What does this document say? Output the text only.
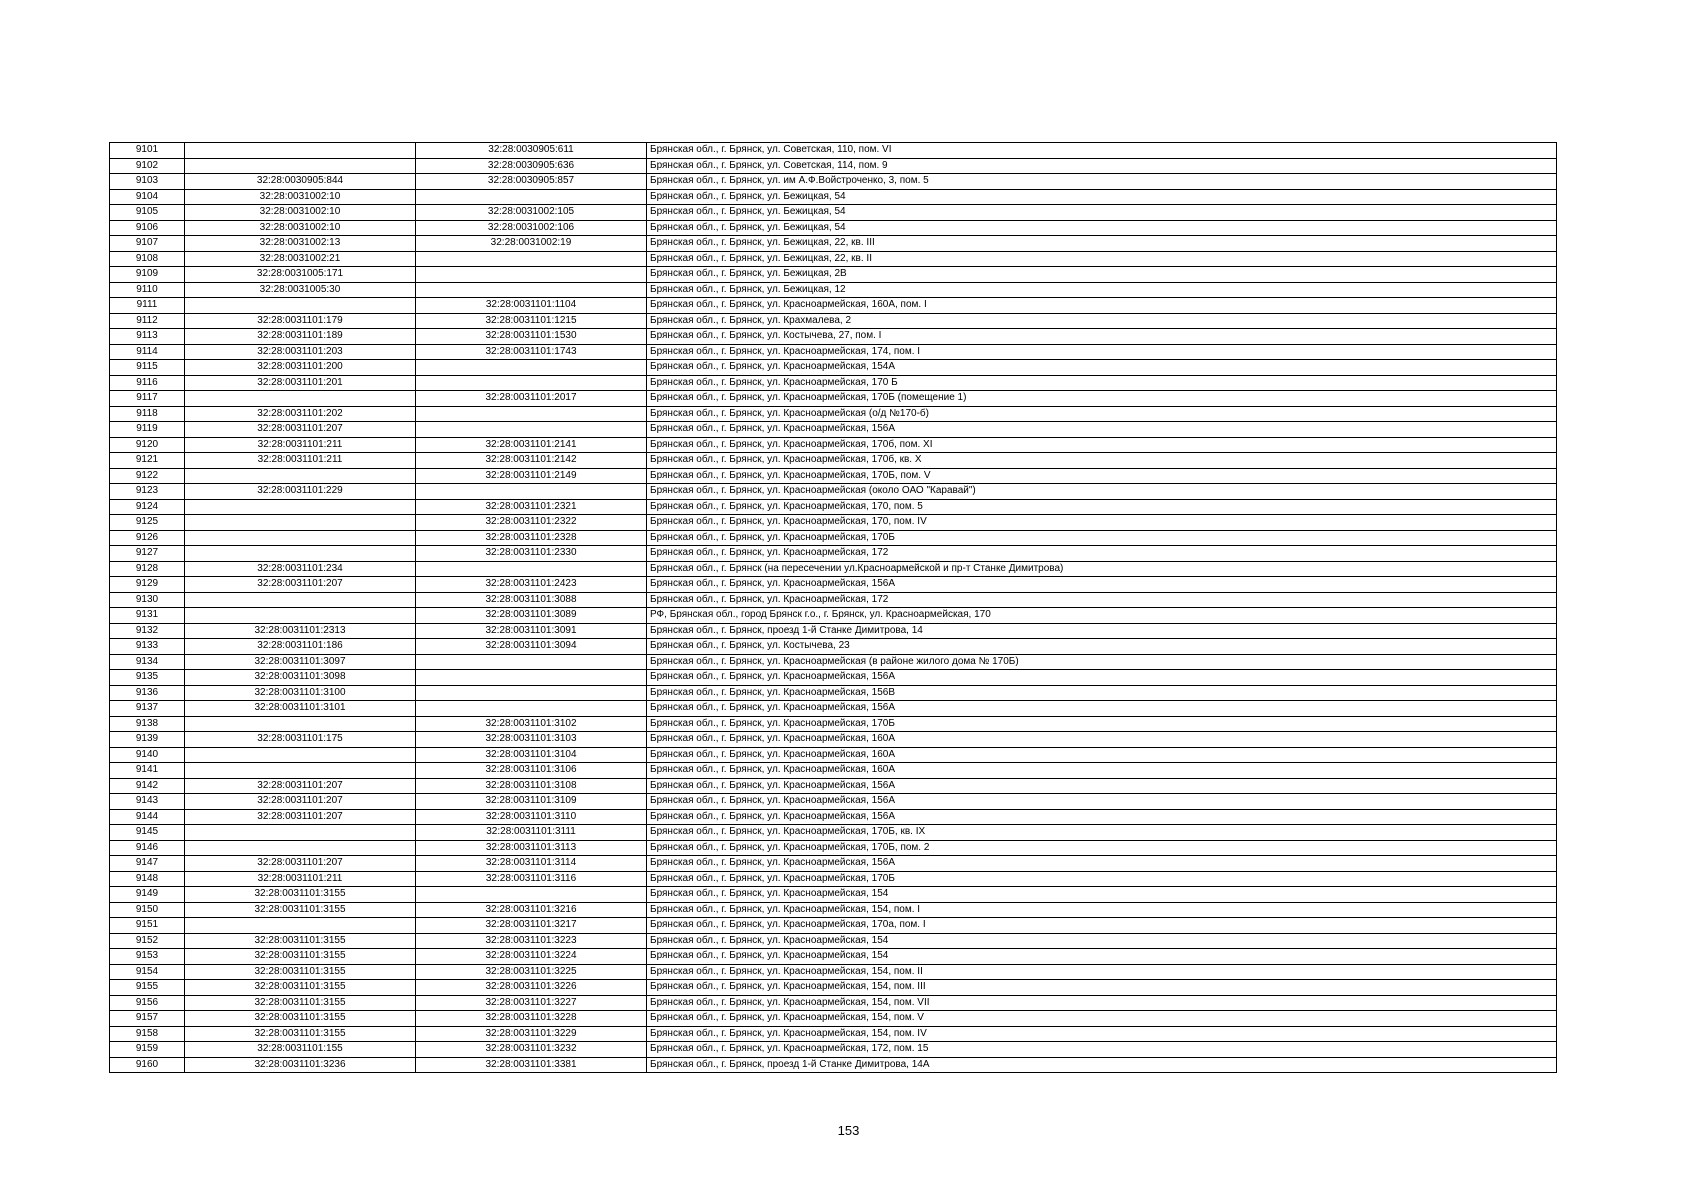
9101		32:28:0030905:611	Брянская обл., г. Брянск, ул. Советская, 110, пом. VI
9102		32:28:0030905:636	Брянская обл., г. Брянск, ул. Советская, 114, пом. 9
9103	32:28:0030905:844	32:28:0030905:857	Брянская обл., г. Брянск, ул. им А.Ф.Войстроченко, 3, пом. 5
9104	32:28:0031002:10		Брянская обл., г. Брянск, ул. Бежицкая, 54
9105	32:28:0031002:10	32:28:0031002:105	Брянская обл., г. Брянск, ул. Бежицкая, 54
9106	32:28:0031002:10	32:28:0031002:106	Брянская обл., г. Брянск, ул. Бежицкая, 54
9107	32:28:0031002:13	32:28:0031002:19	Брянская обл., г. Брянск, ул. Бежицкая, 22, кв. III
9108	32:28:0031002:21		Брянская обл., г. Брянск, ул. Бежицкая, 22, кв. II
9109	32:28:0031005:171		Брянская обл., г. Брянск, ул. Бежицкая, 2В
9110	32:28:0031005:30		Брянская обл., г. Брянск, ул. Бежицкая, 12
9111		32:28:0031101:1104	Брянская обл., г. Брянск, ул. Красноармейская, 160А, пом. I
9112	32:28:0031101:179	32:28:0031101:1215	Брянская обл., г. Брянск, ул. Крахмалева, 2
9113	32:28:0031101:189	32:28:0031101:1530	Брянская обл., г. Брянск, ул. Костычева, 27, пом. I
9114	32:28:0031101:203	32:28:0031101:1743	Брянская обл., г. Брянск, ул. Красноармейская, 174, пом. I
9115	32:28:0031101:200		Брянская обл., г. Брянск, ул. Красноармейская, 154А
9116	32:28:0031101:201		Брянская обл., г. Брянск, ул. Красноармейская, 170 Б
9117		32:28:0031101:2017	Брянская обл., г. Брянск, ул. Красноармейская, 170Б (помещение 1)
9118	32:28:0031101:202		Брянская обл., г. Брянск, ул. Красноармейская (о/д №170-б)
9119	32:28:0031101:207		Брянская обл., г. Брянск, ул. Красноармейская, 156А
9120	32:28:0031101:211	32:28:0031101:2141	Брянская обл., г. Брянск, ул. Красноармейская, 170б, пом. XI
9121	32:28:0031101:211	32:28:0031101:2142	Брянская обл., г. Брянск, ул. Красноармейская, 170б, кв. X
9122		32:28:0031101:2149	Брянская обл., г. Брянск, ул. Красноармейская, 170Б, пом. V
9123	32:28:0031101:229		Брянская обл., г. Брянск, ул. Красноармейская (около ОАО "Каравай")
9124		32:28:0031101:2321	Брянская обл., г. Брянск, ул. Красноармейская, 170, пом. 5
9125		32:28:0031101:2322	Брянская обл., г. Брянск, ул. Красноармейская, 170, пом. IV
9126		32:28:0031101:2328	Брянская обл., г. Брянск, ул. Красноармейская, 170Б
9127		32:28:0031101:2330	Брянская обл., г. Брянск, ул. Красноармейская, 172
9128	32:28:0031101:234		Брянская обл., г. Брянск (на пересечении ул.Красноармейской и пр-т Станке Димитрова)
9129	32:28:0031101:207	32:28:0031101:2423	Брянская обл., г. Брянск, ул. Красноармейская, 156А
9130		32:28:0031101:3088	Брянская обл., г. Брянск, ул. Красноармейская, 172
9131		32:28:0031101:3089	РФ, Брянская обл., город Брянск г.о., г. Брянск, ул. Красноармейская, 170
9132	32:28:0031101:2313	32:28:0031101:3091	Брянская обл., г. Брянск, проезд 1-й Станке Димитрова, 14
9133	32:28:0031101:186	32:28:0031101:3094	Брянская обл., г. Брянск, ул. Костычева, 23
9134	32:28:0031101:3097		Брянская обл., г. Брянск, ул. Красноармейская (в районе жилого дома № 170Б)
9135	32:28:0031101:3098		Брянская обл., г. Брянск, ул. Красноармейская, 156А
9136	32:28:0031101:3100		Брянская обл., г. Брянск, ул. Красноармейская, 156В
9137	32:28:0031101:3101		Брянская обл., г. Брянск, ул. Красноармейская, 156А
9138		32:28:0031101:3102	Брянская обл., г. Брянск, ул. Красноармейская, 170Б
9139	32:28:0031101:175	32:28:0031101:3103	Брянская обл., г. Брянск, ул. Красноармейская, 160А
9140		32:28:0031101:3104	Брянская обл., г. Брянск, ул. Красноармейская, 160А
9141		32:28:0031101:3106	Брянская обл., г. Брянск, ул. Красноармейская, 160А
9142	32:28:0031101:207	32:28:0031101:3108	Брянская обл., г. Брянск, ул. Красноармейская, 156А
9143	32:28:0031101:207	32:28:0031101:3109	Брянская обл., г. Брянск, ул. Красноармейская, 156А
9144	32:28:0031101:207	32:28:0031101:3110	Брянская обл., г. Брянск, ул. Красноармейская, 156А
9145		32:28:0031101:3111	Брянская обл., г. Брянск, ул. Красноармейская, 170Б, кв. IX
9146		32:28:0031101:3113	Брянская обл., г. Брянск, ул. Красноармейская, 170Б, пом. 2
9147	32:28:0031101:207	32:28:0031101:3114	Брянская обл., г. Брянск, ул. Красноармейская, 156А
9148	32:28:0031101:211	32:28:0031101:3116	Брянская обл., г. Брянск, ул. Красноармейская, 170Б
9149	32:28:0031101:3155		Брянская обл., г. Брянск, ул. Красноармейская, 154
9150	32:28:0031101:3155	32:28:0031101:3216	Брянская обл., г. Брянск, ул. Красноармейская, 154, пом. I
9151		32:28:0031101:3217	Брянская обл., г. Брянск, ул. Красноармейская, 170а, пом. I
9152	32:28:0031101:3155	32:28:0031101:3223	Брянская обл., г. Брянск, ул. Красноармейская, 154
9153	32:28:0031101:3155	32:28:0031101:3224	Брянская обл., г. Брянск, ул. Красноармейская, 154
9154	32:28:0031101:3155	32:28:0031101:3225	Брянская обл., г. Брянск, ул. Красноармейская, 154, пом. II
9155	32:28:0031101:3155	32:28:0031101:3226	Брянская обл., г. Брянск, ул. Красноармейская, 154, пом. III
9156	32:28:0031101:3155	32:28:0031101:3227	Брянская обл., г. Брянск, ул. Красноармейская, 154, пом. VII
9157	32:28:0031101:3155	32:28:0031101:3228	Брянская обл., г. Брянск, ул. Красноармейская, 154, пом. V
9158	32:28:0031101:3155	32:28:0031101:3229	Брянская обл., г. Брянск, ул. Красноармейская, 154, пом. IV
9159	32:28:0031101:155	32:28:0031101:3232	Брянская обл., г. Брянск, ул. Красноармейская, 172, пом. 15
9160	32:28:0031101:3236	32:28:0031101:3381	Брянская обл., г. Брянск, проезд 1-й Станке Димитрова, 14А
153
